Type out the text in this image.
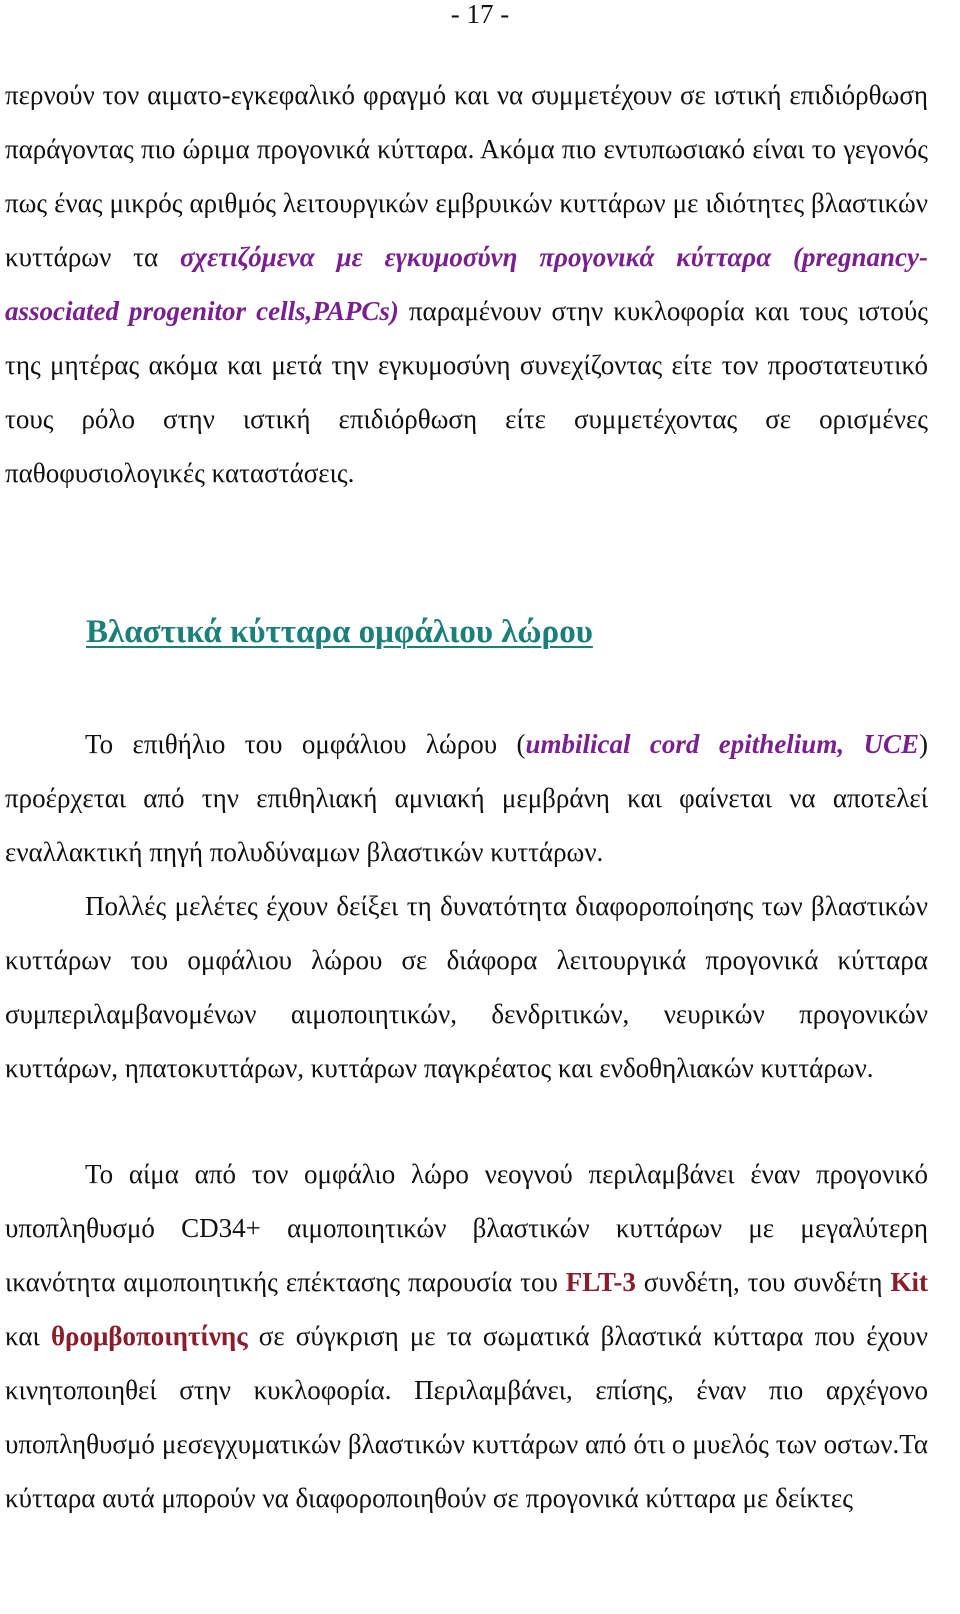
- 17 -

περνούν τον αιματο-εγκεφαλικό φραγμό και να συμμετέχουν σε ιστική επιδιόρθωση παράγοντας πιο ώριμα προγονικά κύτταρα. Ακόμα πιο εντυπωσιακό είναι το γεγονός πως ένας μικρός αριθμός λειτουργικών εμβρυικών κυττάρων με ιδιότητες βλαστικών κυττάρων τα σχετιζόμενα με εγκυμοσύνη προγονικά κύτταρα (pregnancy-associated progenitor cells,PAPCs) παραμένουν στην κυκλοφορία και τους ιστούς της μητέρας ακόμα και μετά την εγκυμοσύνη συνεχίζοντας είτε τον προστατευτικό τους ρόλο στην ιστική επιδιόρθωση είτε συμμετέχοντας σε ορισμένες παθοφυσιολογικές καταστάσεις.

Βλαστικά κύτταρα ομφάλιου λώρου

Το επιθήλιο του ομφάλιου λώρου (umbilical cord epithelium, UCE) προέρχεται από την επιθηλιακή αμνιακή μεμβράνη και φαίνεται να αποτελεί εναλλακτική πηγή πολυδύναμων βλαστικών κυττάρων.

Πολλές μελέτες έχουν δείξει τη δυνατότητα διαφοροποίησης των βλαστικών κυττάρων του ομφάλιου λώρου σε διάφορα λειτουργικά προγονικά κύτταρα συμπεριλαμβανομένων αιμοποιητικών, δενδριτικών, νευρικών προγονικών κυττάρων, ηπατοκυττάρων, κυττάρων παγκρέατος και ενδοθηλιακών κυττάρων.

Το αίμα από τον ομφάλιο λώρο νεογνού περιλαμβάνει έναν προγονικό υποπληθυσμό CD34+ αιμοποιητικών βλαστικών κυττάρων με μεγαλύτερη ικανότητα αιμοποιητικής επέκτασης παρουσία του FLT-3 συνδέτη, του συνδέτη Kit και θρομβοποιητίνης σε σύγκριση με τα σωματικά βλαστικά κύτταρα που έχουν κινητοποιηθεί στην κυκλοφορία. Περιλαμβάνει, επίσης, έναν πιο αρχέγονο υποπληθυσμό μεσεγχυματικών βλαστικών κυττάρων από ότι ο μυελός των οστων.Τα κύτταρα αυτά μπορούν να διαφοροποιηθούν σε προγονικά κύτταρα με δείκτες
